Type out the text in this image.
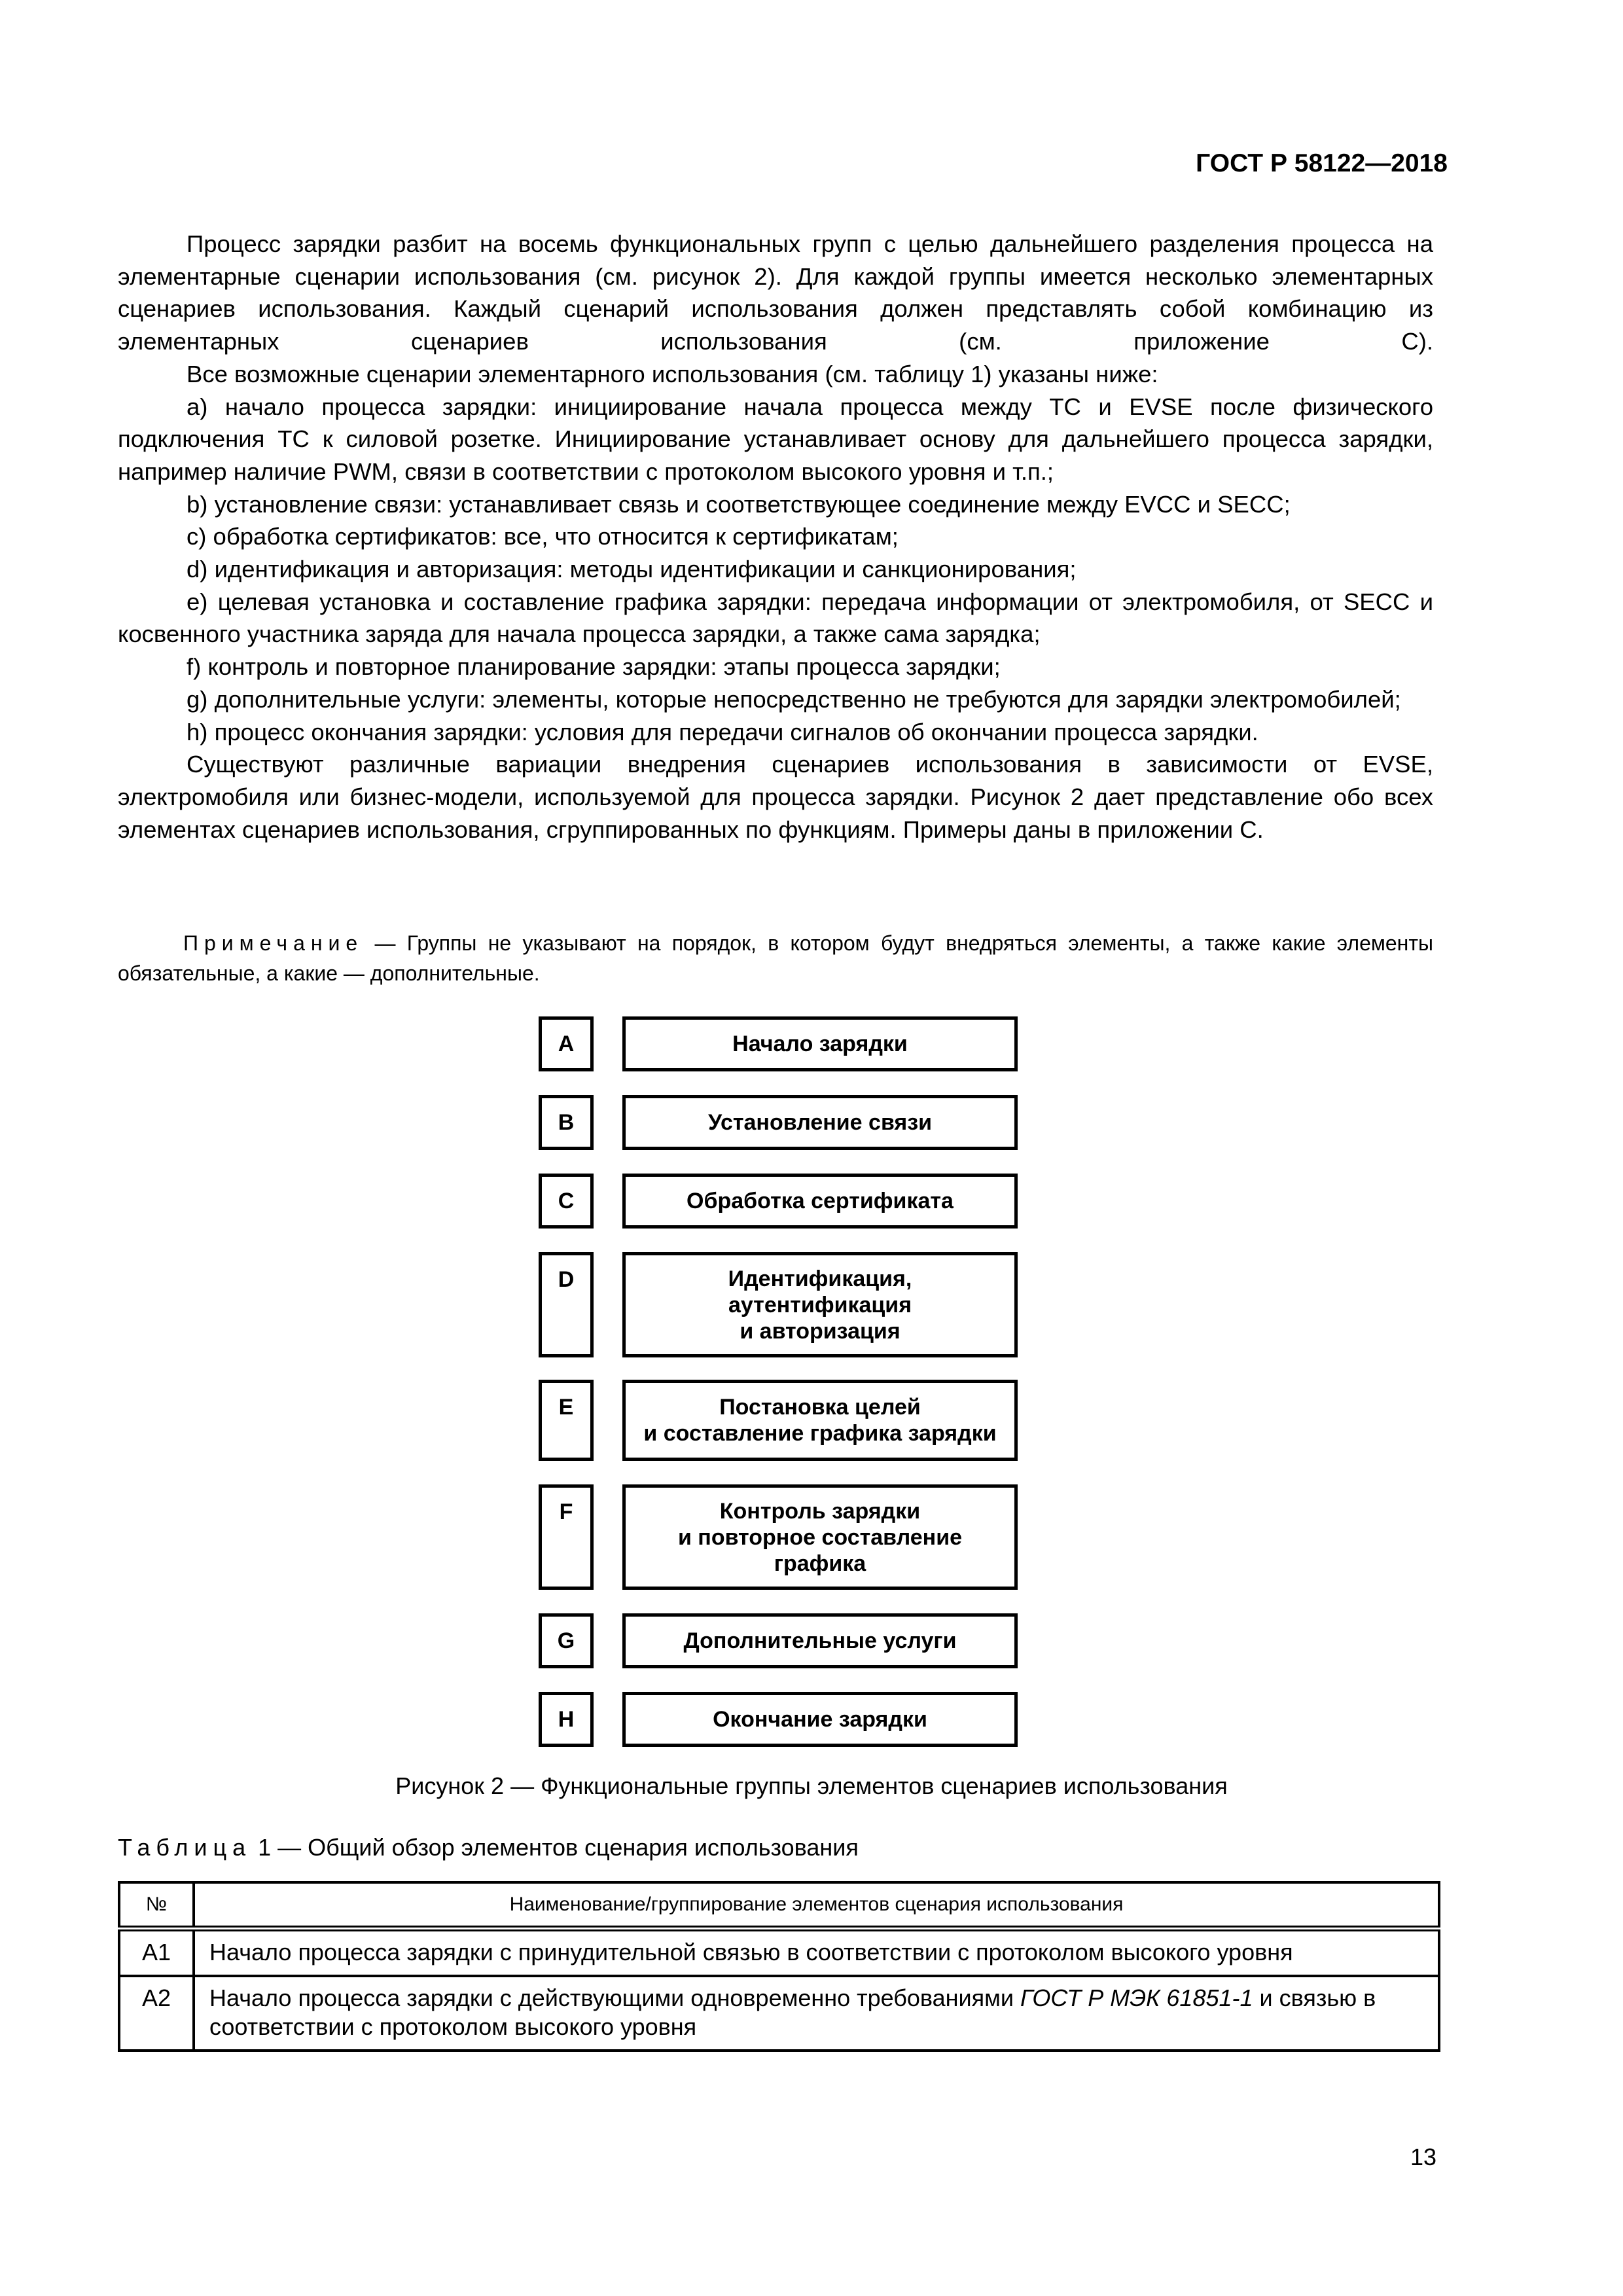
ГОСТ Р 58122—2018

Процесс зарядки разбит на восемь функциональных групп с целью дальнейшего разделения процесса на элементарные сценарии использования (см. рисунок 2). Для каждой группы имеется несколько элементарных сценариев использования. Каждый сценарий использования должен представлять собой комбинацию из элементарных сценариев использования (см. приложение С).

Все возможные сценарии элементарного использования (см. таблицу 1) указаны ниже:

a) начало процесса зарядки: инициирование начала процесса между ТС и EVSE после физического подключения ТС к силовой розетке. Инициирование устанавливает основу для дальнейшего процесса зарядки, например наличие PWM, связи в соответствии с протоколом высокого уровня и т.п.;

b) установление связи: устанавливает связь и соответствующее соединение между EVCC и SECC;

c) обработка сертификатов: все, что относится к сертификатам;

d) идентификация и авторизация: методы идентификации и санкционирования;

e) целевая установка и составление графика зарядки: передача информации от электромобиля, от SECC и косвенного участника заряда для начала процесса зарядки, а также сама зарядка;

f) контроль и повторное планирование зарядки: этапы процесса зарядки;

g) дополнительные услуги: элементы, которые непосредственно не требуются для зарядки электромобилей;

h) процесс окончания зарядки: условия для передачи сигналов об окончании процесса зарядки.

Существуют различные вариации внедрения сценариев использования в зависимости от EVSE, электромобиля или бизнес-модели, используемой для процесса зарядки. Рисунок 2 дает представление обо всех элементах сценариев использования, сгруппированных по функциям. Примеры даны в приложении С.

Примечание — Группы не указывают на порядок, в котором будут внедряться элементы, а также какие элементы обязательные, а какие — дополнительные.

A	Начало зарядки
B	Установление связи
C	Обработка сертификата
D	Идентификация,
аутентификация
и авторизация
E	Постановка целей
и составление графика зарядки
F	Контроль зарядки
и повторное составление
графика
G	Дополнительные услуги
H	Окончание зарядки
Рисунок 2 — Функциональные группы элементов сценариев использования
Таблица 1 — Общий обзор элементов сценария использования
№	Наименование/группирование элементов сценария использования
A1	Начало процесса зарядки с принудительной связью в соответствии с протоколом высокого уровня
A2	Начало процесса зарядки с действующими одновременно требованиями ГОСТ Р МЭК 61851-1 и связью в соответствии с протоколом высокого уровня
13
